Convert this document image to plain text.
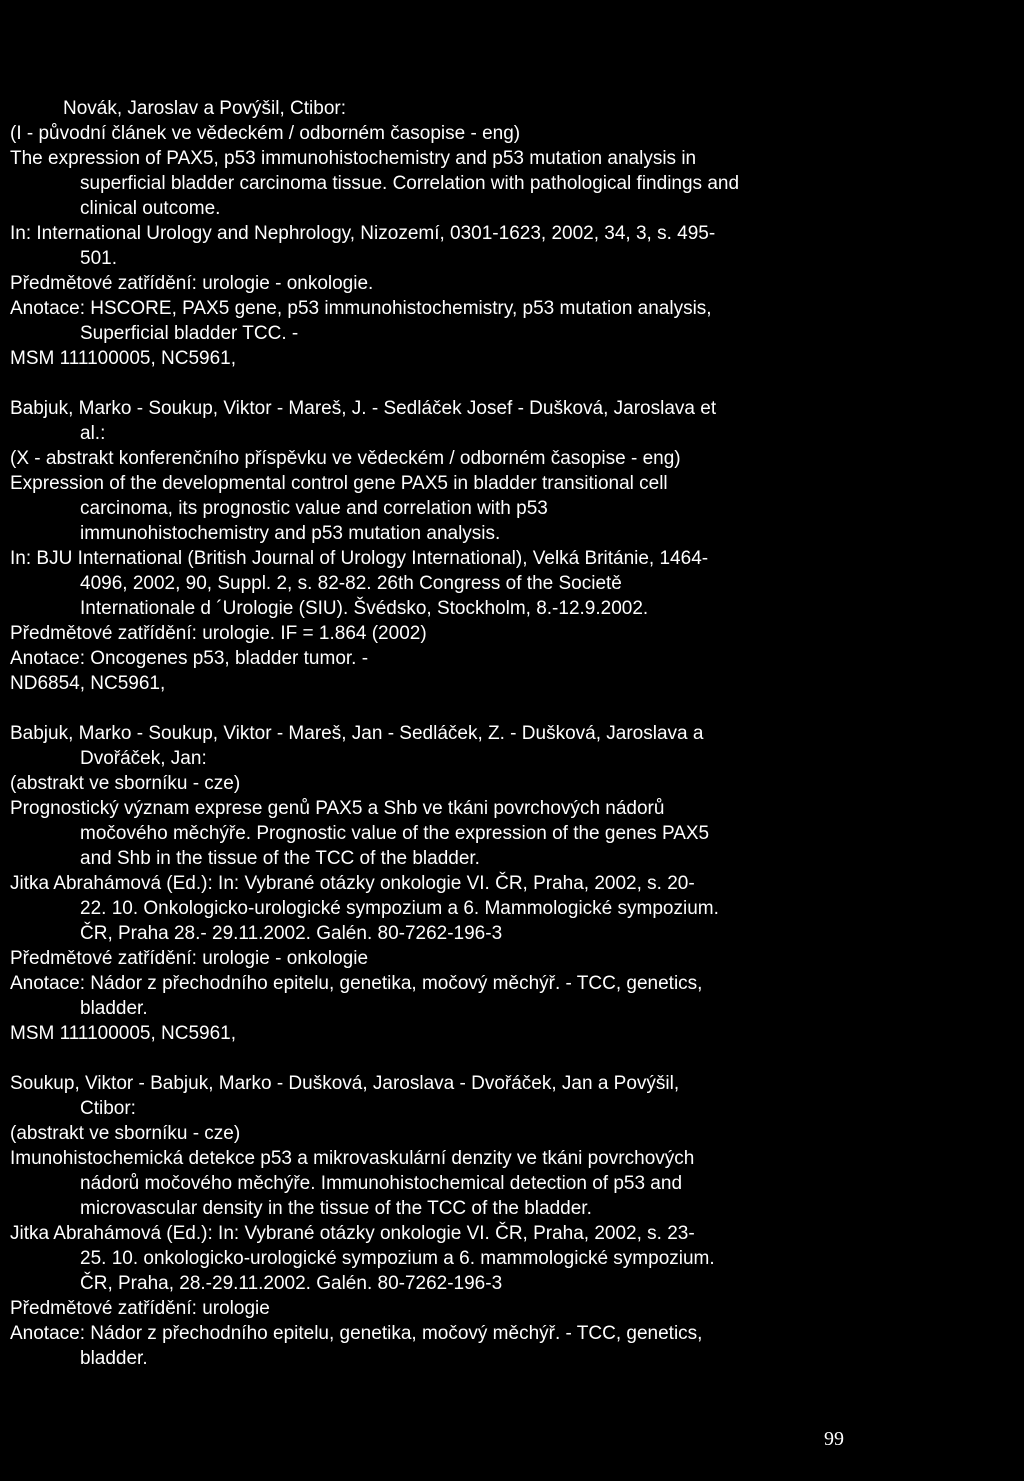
Novák, Jaroslav a Povýšil, Ctibor:
(I - původní článek ve vědeckém / odborném časopise - eng)
The expression of PAX5, p53 immunohistochemistry and p53 mutation analysis in
superficial bladder carcinoma tissue. Correlation with pathological findings and
clinical outcome.
In: International Urology and Nephrology, Nizozemí, 0301-1623, 2002, 34, 3, s. 495-
501.
Předmětové zatřídění: urologie - onkologie.
Anotace: HSCORE, PAX5 gene, p53 immunohistochemistry, p53 mutation analysis,
Superficial bladder TCC. -
MSM 111100005, NC5961,
Babjuk, Marko - Soukup, Viktor - Mareš, J. - Sedláček Josef - Dušková, Jaroslava et
al.:
(X - abstrakt konferenčního příspěvku ve vědeckém / odborném časopise - eng)
Expression of the developmental control gene PAX5 in bladder transitional cell
carcinoma, its prognostic value and correlation with p53
immunohistochemistry and p53 mutation analysis.
In: BJU International (British Journal of Urology International), Velká Británie, 1464-
4096, 2002, 90, Suppl. 2, s. 82-82. 26th Congress of the Societě
Internationale d ´Urologie (SIU). Švédsko, Stockholm, 8.-12.9.2002.
Předmětové zatřídění: urologie. IF = 1.864 (2002)
Anotace: Oncogenes p53, bladder tumor. -
ND6854, NC5961,
Babjuk, Marko - Soukup, Viktor - Mareš, Jan - Sedláček, Z. - Dušková, Jaroslava a
Dvořáček, Jan:
(abstrakt ve sborníku - cze)
Prognostický význam exprese genů PAX5 a Shb ve tkáni povrchových nádorů
močového měchýře. Prognostic value of the expression of the genes PAX5
and Shb in the tissue of the TCC of the bladder.
Jitka Abrahámová (Ed.): In: Vybrané otázky onkologie VI. ČR, Praha, 2002, s. 20-
22. 10. Onkologicko-urologické sympozium a 6. Mammologické sympozium.
ČR, Praha 28.- 29.11.2002. Galén. 80-7262-196-3
Předmětové zatřídění: urologie - onkologie
Anotace: Nádor z přechodního epitelu, genetika, močový měchýř. - TCC, genetics,
bladder.
MSM 111100005, NC5961,
Soukup, Viktor - Babjuk, Marko - Dušková, Jaroslava - Dvořáček, Jan a Povýšil,
Ctibor:
(abstrakt ve sborníku - cze)
Imunohistochemická detekce p53 a mikrovaskulární denzity ve tkáni povrchových
nádorů močového měchýře. Immunohistochemical detection of p53 and
microvascular density in the tissue of the TCC of the bladder.
Jitka Abrahámová (Ed.): In: Vybrané otázky onkologie VI. ČR, Praha, 2002, s. 23-
25. 10. onkologicko-urologické sympozium a 6. mammologické sympozium.
ČR, Praha, 28.-29.11.2002. Galén. 80-7262-196-3
Předmětové zatřídění: urologie
Anotace: Nádor z přechodního epitelu, genetika, močový měchýř. - TCC, genetics,
bladder.
99
